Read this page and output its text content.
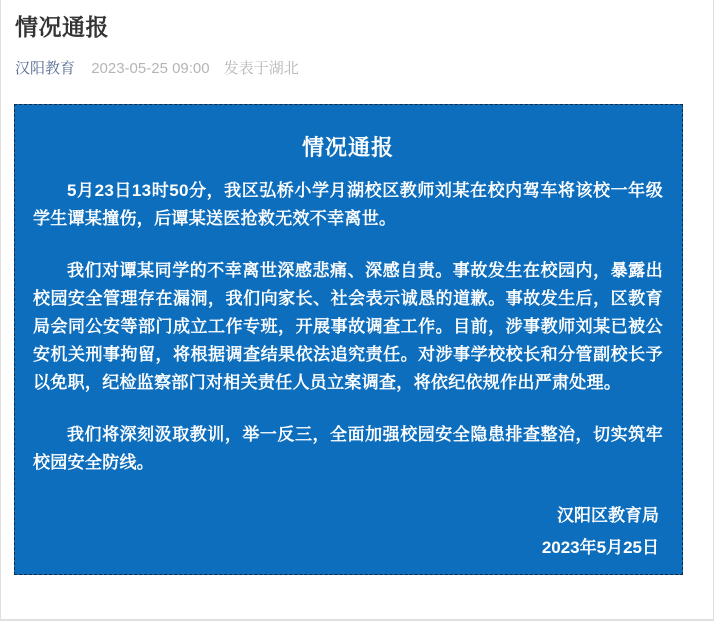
情况通报
汉阳教育 2023-05-25 09:00 发表于湖北
情况通报

5月23日13时50分，我区弘桥小学月湖校区教师刘某在校内驾车将该校一年级学生谭某撞伤，后谭某送医抢救无效不幸离世。

我们对谭某同学的不幸离世深感悲痛、深感自责。事故发生在校园内，暴露出校园安全管理存在漏洞，我们向家长、社会表示诚恳的道歉。事故发生后，区教育局会同公安等部门成立工作专班，开展事故调查工作。目前，涉事教师刘某已被公安机关刑事拘留，将根据调查结果依法追究责任。对涉事学校校长和分管副校长予以免职，纪检监察部门对相关责任人员立案调查，将依纪依规作出严肃处理。

我们将深刻汲取教训，举一反三，全面加强校园安全隐患排查整治，切实筑牢校园安全防线。

汉阳区教育局
2023年5月25日
